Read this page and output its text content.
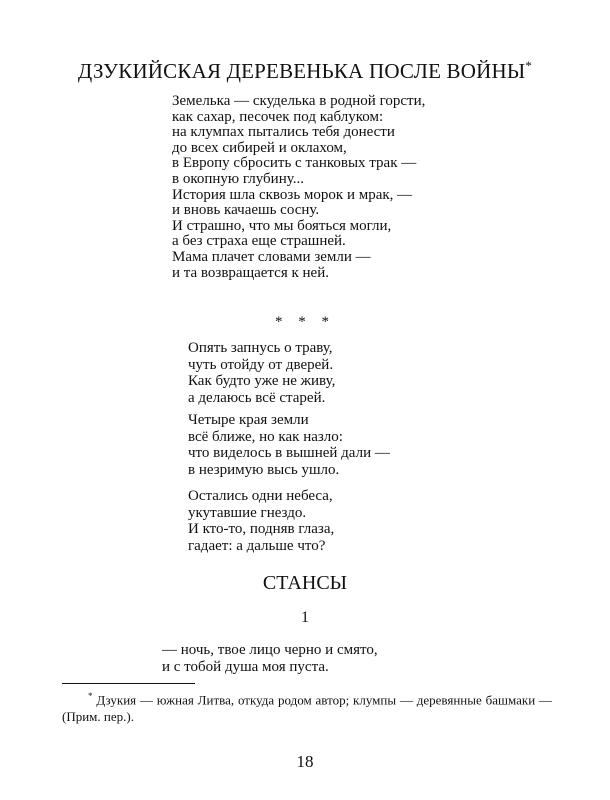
ДЗУКИЙСКАЯ ДЕРЕВЕНЬКА ПОСЛЕ ВОЙНЫ*
Земелька — скуделька в родной горсти,
как сахар, песочек под каблуком:
на клумпах пытались тебя донести
до всех сибирей и оклахом,
в Европу сбросить с танковых трак —
в окопную глубину...
История шла сквозь морок и мрак, —
и вновь качаешь сосну.
И страшно, что мы бояться могли,
а без страха еще страшней.
Мама плачет словами земли —
и та возвращается к ней.
* * *
Опять запнусь о траву,
чуть отойду от дверей.
Как будто уже не живу,
а делаюсь всё старей.
Четыре края земли
всё ближе, но как назло:
что виделось в вышней дали —
в незримую высь ушло.
Остались одни небеса,
укутавшие гнездо.
И кто-то, подняв глаза,
гадает: а дальше что?
СТАНСЫ
1
— ночь, твое лицо черно и смято,
и с тобой душа моя пуста.
* Дзукия — южная Литва, откуда родом автор; клумпы — деревянные башмаки — (Прим. пер.).
18
